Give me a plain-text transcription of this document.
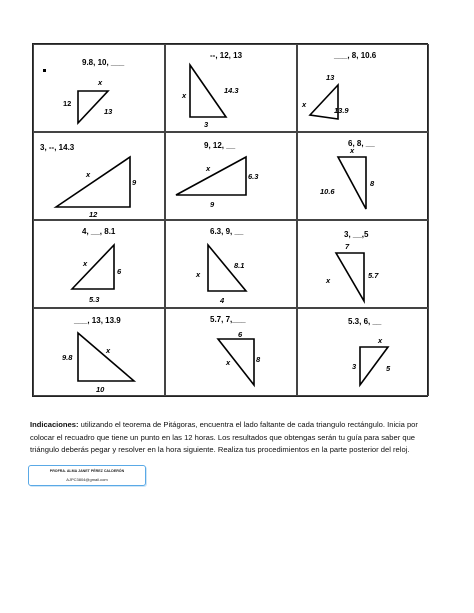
9.8, 10, ___
x
12
13
--, 12, 13
x
14.3
3
___, 8, 10.6
13
x
13.9
3, --, 14.3
x
9
12
9, 12, __
x
6.3
9
6, 8, __
x
8
10.6
4, __, 8.1
x
6
5.3
6.3, 9, __
x
8.1
4
3, __,5
7
x
5.7
___, 13, 13.9
x
9.8
10
5.7, 7,___
6
x	8
5.3, 6, __
x
3	5
Indicaciones: utilizando el teorema de Pitágoras, encuentra el lado faltante de cada triangulo rectángulo. Inicia por colocar el recuadro que tiene un punto en las 12 horas. Los resultados que obtengas serán tu guía para saber que triángulo deberás pegar y resolver en la hora siguiente. Realiza tus procedimientos en la parte posterior del reloj.
PROFRA. ALMA JANET PÉREZ CALDERÓN
AJPC3804@gmail.com
